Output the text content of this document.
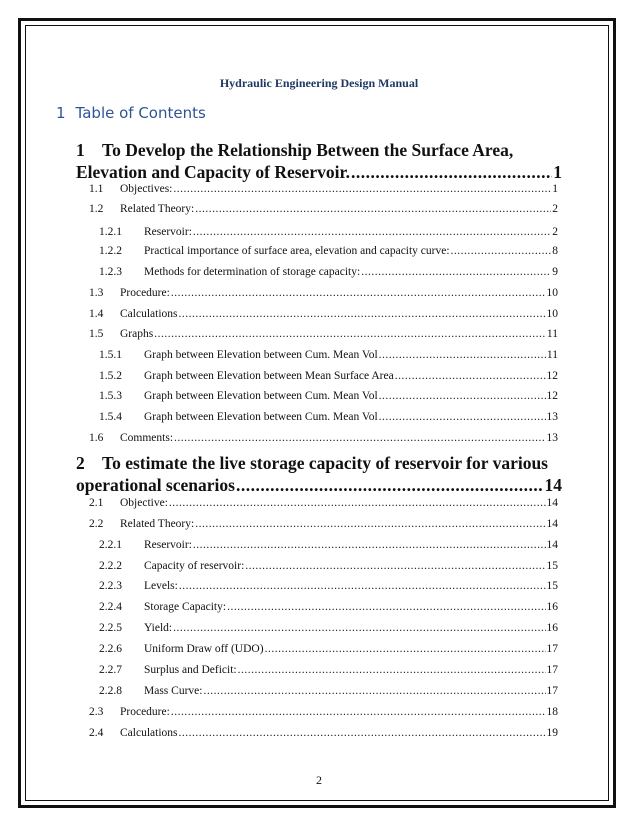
Hydraulic Engineering Design Manual
1 Table of Contents
1 To Develop the Relationship Between the Surface Area,
Elevation and Capacity of Reservoir. .....	1
1.1	Objectives: .....	1
1.2	Related Theory: .....	2
1.2.1	Reservoir: .....	2
1.2.2	Practical importance of surface area, elevation and capacity curve: .....	8
1.2.3	Methods for determination of storage capacity: .....	9
1.3	Procedure: .....	10
1.4	Calculations .....	10
1.5	Graphs .....	11
1.5.1	Graph between Elevation between Cum. Mean Vol .....	11
1.5.2	Graph between Elevation between Mean Surface Area .....	12
1.5.3	Graph between Elevation between Cum. Mean Vol .....	12
1.5.4	Graph between Elevation between Cum. Mean Vol .....	13
1.6	Comments: .....	13
2 To estimate the live storage capacity of reservoir for various
operational scenarios .....	14
2.1	Objective: .....	14
2.2	Related Theory: .....	14
2.2.1	Reservoir: .....	14
2.2.2	Capacity of reservoir: .....	15
2.2.3	Levels: .....	15
2.2.4	Storage Capacity: .....	16
2.2.5	Yield: .....	16
2.2.6	Uniform Draw off (UDO) .....	17
2.2.7	Surplus and Deficit: .....	17
2.2.8	Mass Curve: .....	17
2.3	Procedure: .....	18
2.4	Calculations .....	19
2
